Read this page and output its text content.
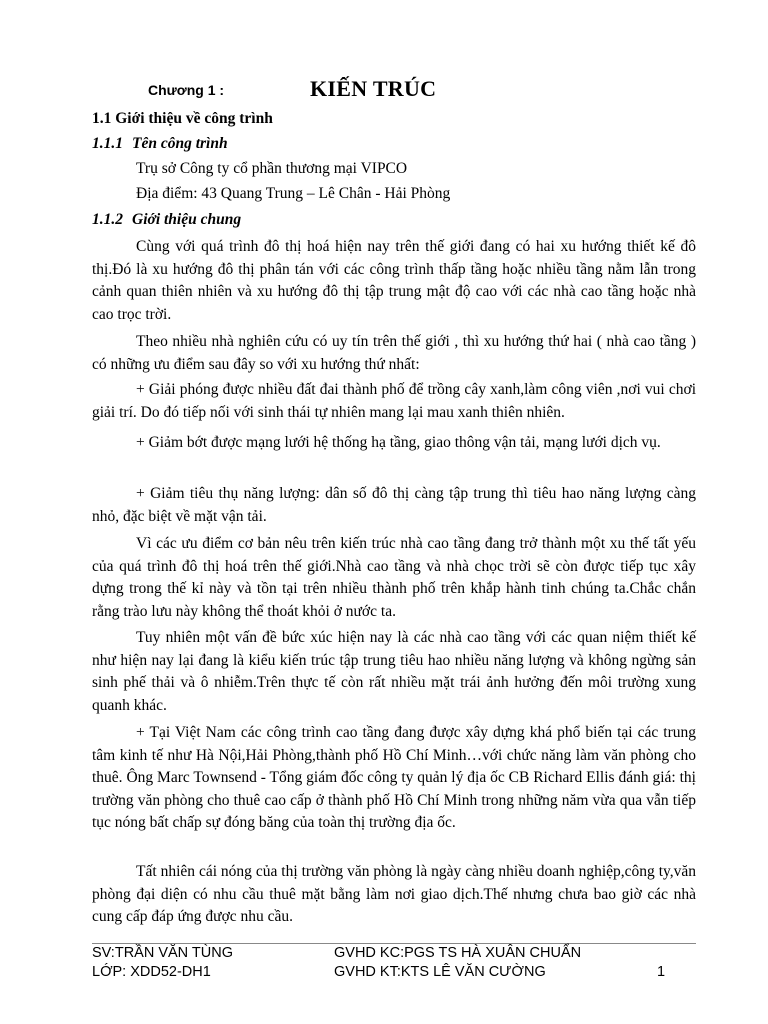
Chương 1 :	KIẾN TRÚC
1.1 Giới thiệu về công trình
1.1.1 Tên công trình
Trụ sở Công ty cổ phần thương mại VIPCO
Địa điểm: 43 Quang Trung – Lê Chân - Hải Phòng
1.1.2 Giới thiệu chung

Cùng với quá trình đô thị hoá hiện nay trên thế giới đang có hai xu hướng thiết kế đô thị.Đó là xu hướng đô thị phân tán với các công trình thấp tầng hoặc nhiều tầng nằm lẫn trong cảnh quan thiên nhiên và xu hướng đô thị tập trung mật độ cao với các nhà cao tầng hoặc nhà cao trọc trời.

Theo nhiều nhà nghiên cứu có uy tín trên thế giới , thì xu hướng thứ hai ( nhà cao tầng ) có những ưu điểm sau đây so với xu hướng thứ nhất:

+ Giải phóng được nhiều đất đai thành phố để trồng cây xanh,làm công viên ,nơi vui chơi giải trí. Do đó tiếp nối với sinh thái tự nhiên mang lại mau xanh thiên nhiên.

+ Giảm bớt được mạng lưới hệ thống hạ tầng, giao thông vận tải, mạng lưới dịch vụ.

+ Giảm tiêu thụ năng lượng: dân số đô thị càng tập trung thì tiêu hao năng lượng càng nhỏ, đặc biệt về mặt vận tải.

Vì các ưu điểm cơ bản nêu trên kiến trúc nhà cao tầng đang trở thành một xu thế tất yếu của quá trình đô thị hoá trên thế giới.Nhà cao tầng và nhà chọc trời sẽ còn được tiếp tục xây dựng trong thế kỉ này và tồn tại trên nhiều thành phố trên khắp hành tinh chúng ta.Chắc chắn rằng trào lưu này không thể thoát khỏi ở nước ta.

Tuy nhiên một vấn đề bức xúc hiện nay là các nhà cao tầng với các quan niệm thiết kế như hiện nay lại đang là kiểu kiến trúc tập trung tiêu hao nhiều năng lượng và không ngừng sản sinh phế thải và ô nhiễm.Trên thực tế còn rất nhiều mặt trái ảnh hưởng đến môi trường xung quanh khác.

+ Tại Việt Nam các công trình cao tầng đang được xây dựng khá phổ biến tại các trung tâm kinh tế như Hà Nội,Hải Phòng,thành phố Hồ Chí Minh…với chức năng làm văn phòng cho thuê. Ông Marc Townsend - Tổng giám đốc công ty quản lý địa ốc CB Richard Ellis đánh giá: thị trường văn phòng cho thuê cao cấp ở thành phố Hồ Chí Minh trong những năm vừa qua vẫn tiếp tục nóng bất chấp sự đóng băng của toàn thị trường địa ốc.

Tất nhiên cái nóng của thị trường văn phòng là ngày càng nhiều doanh nghiệp,công ty,văn phòng đại diện có nhu cầu thuê mặt bằng làm nơi giao dịch.Thế nhưng chưa bao giờ các nhà cung cấp đáp ứng được nhu cầu.

SV:TRẦN VĂN TÙNG
LỚP: XDD52-DH1
GVHD KC:PGS TS HÀ XUÂN CHUẨN
GVHD KT:KTS LÊ VĂN CƯỜNG	1
